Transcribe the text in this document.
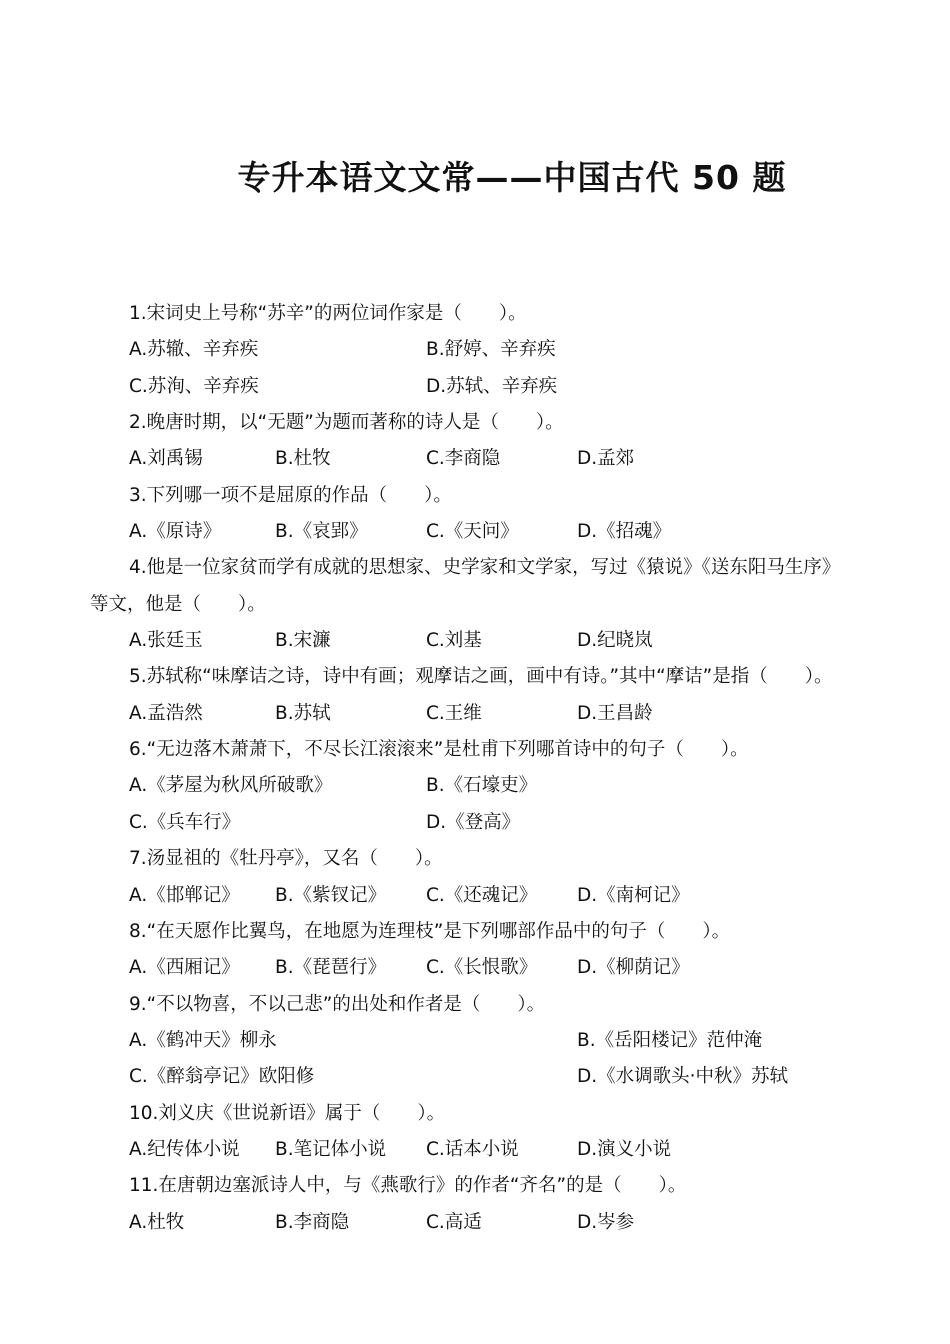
专升本语文文常——中国古代 50 题
1.宋词史上号称“苏辛”的两位词作家是（　　）。
A.苏辙、辛弃疾	B.舒婷、辛弃疾
C.苏洵、辛弃疾	D.苏轼、辛弃疾
2.晚唐时期，以“无题”为题而著称的诗人是（　　）。
A.刘禹锡	B.杜牧	C.李商隐	D.孟郊
3.下列哪一项不是屈原的作品（　　）。
A.《原诗》	B.《哀郢》	C.《天问》	D.《招魂》
4.他是一位家贫而学有成就的思想家、史学家和文学家，写过《猿说》《送东阳马生序》
等文，他是（　　）。
A.张廷玉	B.宋濂	C.刘基	D.纪晓岚
5.苏轼称“味摩诘之诗，诗中有画；观摩诘之画，画中有诗。”其中“摩诘”是指（　　）。
A.孟浩然	B.苏轼	C.王维	D.王昌龄
6.“无边落木萧萧下，不尽长江滚滚来”是杜甫下列哪首诗中的句子（　　）。
A.《茅屋为秋风所破歌》	B.《石壕吏》
C.《兵车行》	D.《登高》
7.汤显祖的《牡丹亭》，又名（　　）。
A.《邯郸记》 B.《紫钗记》 C.《还魂记》 D.《南柯记》
8.“在天愿作比翼鸟，在地愿为连理枝”是下列哪部作品中的句子（　　）。
A.《西厢记》 B.《琵琶行》 C.《长恨歌》 D.《柳荫记》
9.“不以物喜，不以己悲”的出处和作者是（　　）。
A.《鹤冲天》柳永	B.《岳阳楼记》范仲淹
C.《醉翁亭记》欧阳修	D.《水调歌头·中秋》苏轼
10.刘义庆《世说新语》属于（　　）。
A.纪传体小说 B.笔记体小说 C.话本小说	D.演义小说
11.在唐朝边塞派诗人中，与《燕歌行》的作者“齐名”的是（　　）。
A.杜牧	B.李商隐	C.高适	D.岑参
